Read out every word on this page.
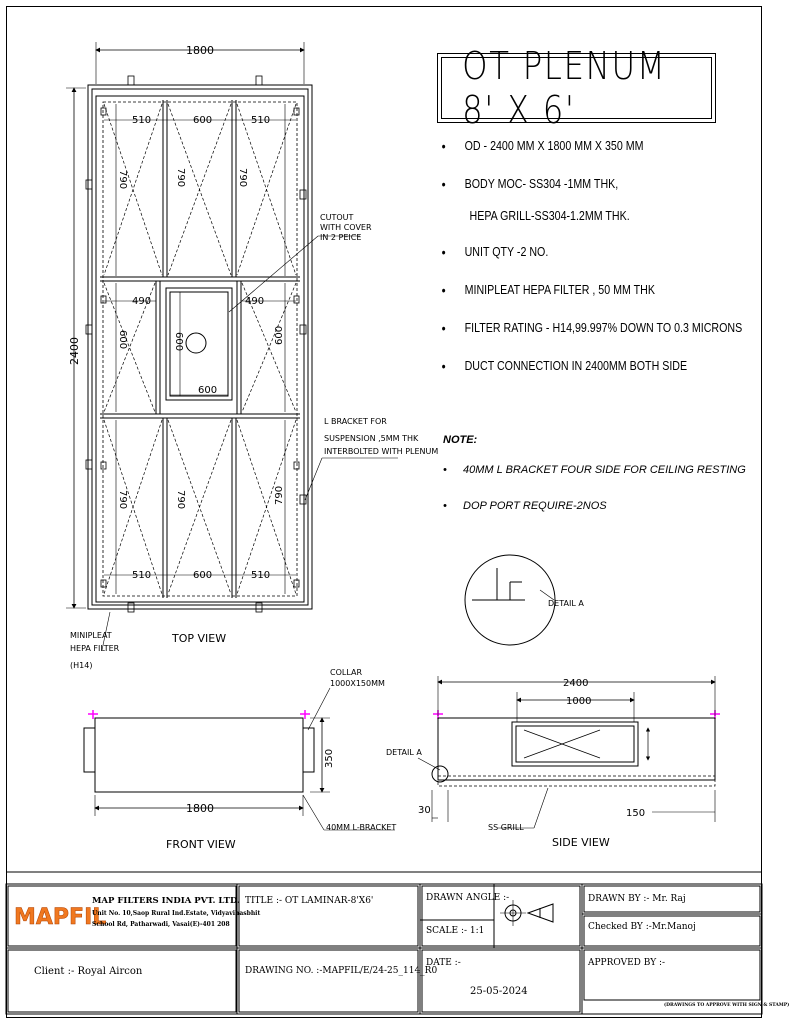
OT PLENUM 8' X 6'
• OD - 2400 MM X 1800 MM X 350 MM
• BODY MOC- SS304 -1MM THK,
HEPA GRILL-SS304-1.2MM THK.
• UNIT QTY -2 NO.
• MINIPLEAT HEPA FILTER , 50 MM THK
• FILTER RATING - H14,99.997% DOWN TO 0.3 MICRONS
• DUCT CONNECTION IN 2400MM BOTH SIDE
NOTE:
• 40MM L BRACKET FOUR SIDE FOR CEILING RESTING
• DOP PORT REQUIRE-2NOS
1800
510	600	510
510	600	510
490	490
600
790	790	790
600	600	600
790	790	790
2400
TOP VIEW
CUTOUT
WITH COVER
IN 2 PEICE
L BRACKET FOR
SUSPENSION ,5MM THK
INTERBOLTED WITH PLENUM
MINIPLEAT
HEPA FILTER
(H14)
DETAIL A
1800
350
FRONT VIEW
COLLAR
1000X150MM
40MM L-BRACKET
2400
1000
30	150
SIDE VIEW
DETAIL A
SS GRILL
MAPFIL
MAP FILTERS INDIA PVT. LTD.
Unit No. 10,Saop Rural Ind.Estate, Vidyavihasbhit
School Rd, Patharwadi, Vasai(E)-401 208
TITLE :- OT LAMINAR-8'X6'	DRAWN ANGLE :-
SCALE :- 1:1
DRAWN BY :- Mr. Raj
Checked BY :-Mr.Manoj
Client :- Royal Aircon	DRAWING NO. :-MAPFIL/E/24-25_114_R0
DATE :-
25-05-2024
APPROVED BY :-
(DRAWINGS TO APPROVE WITH SIGN & STAMP)
